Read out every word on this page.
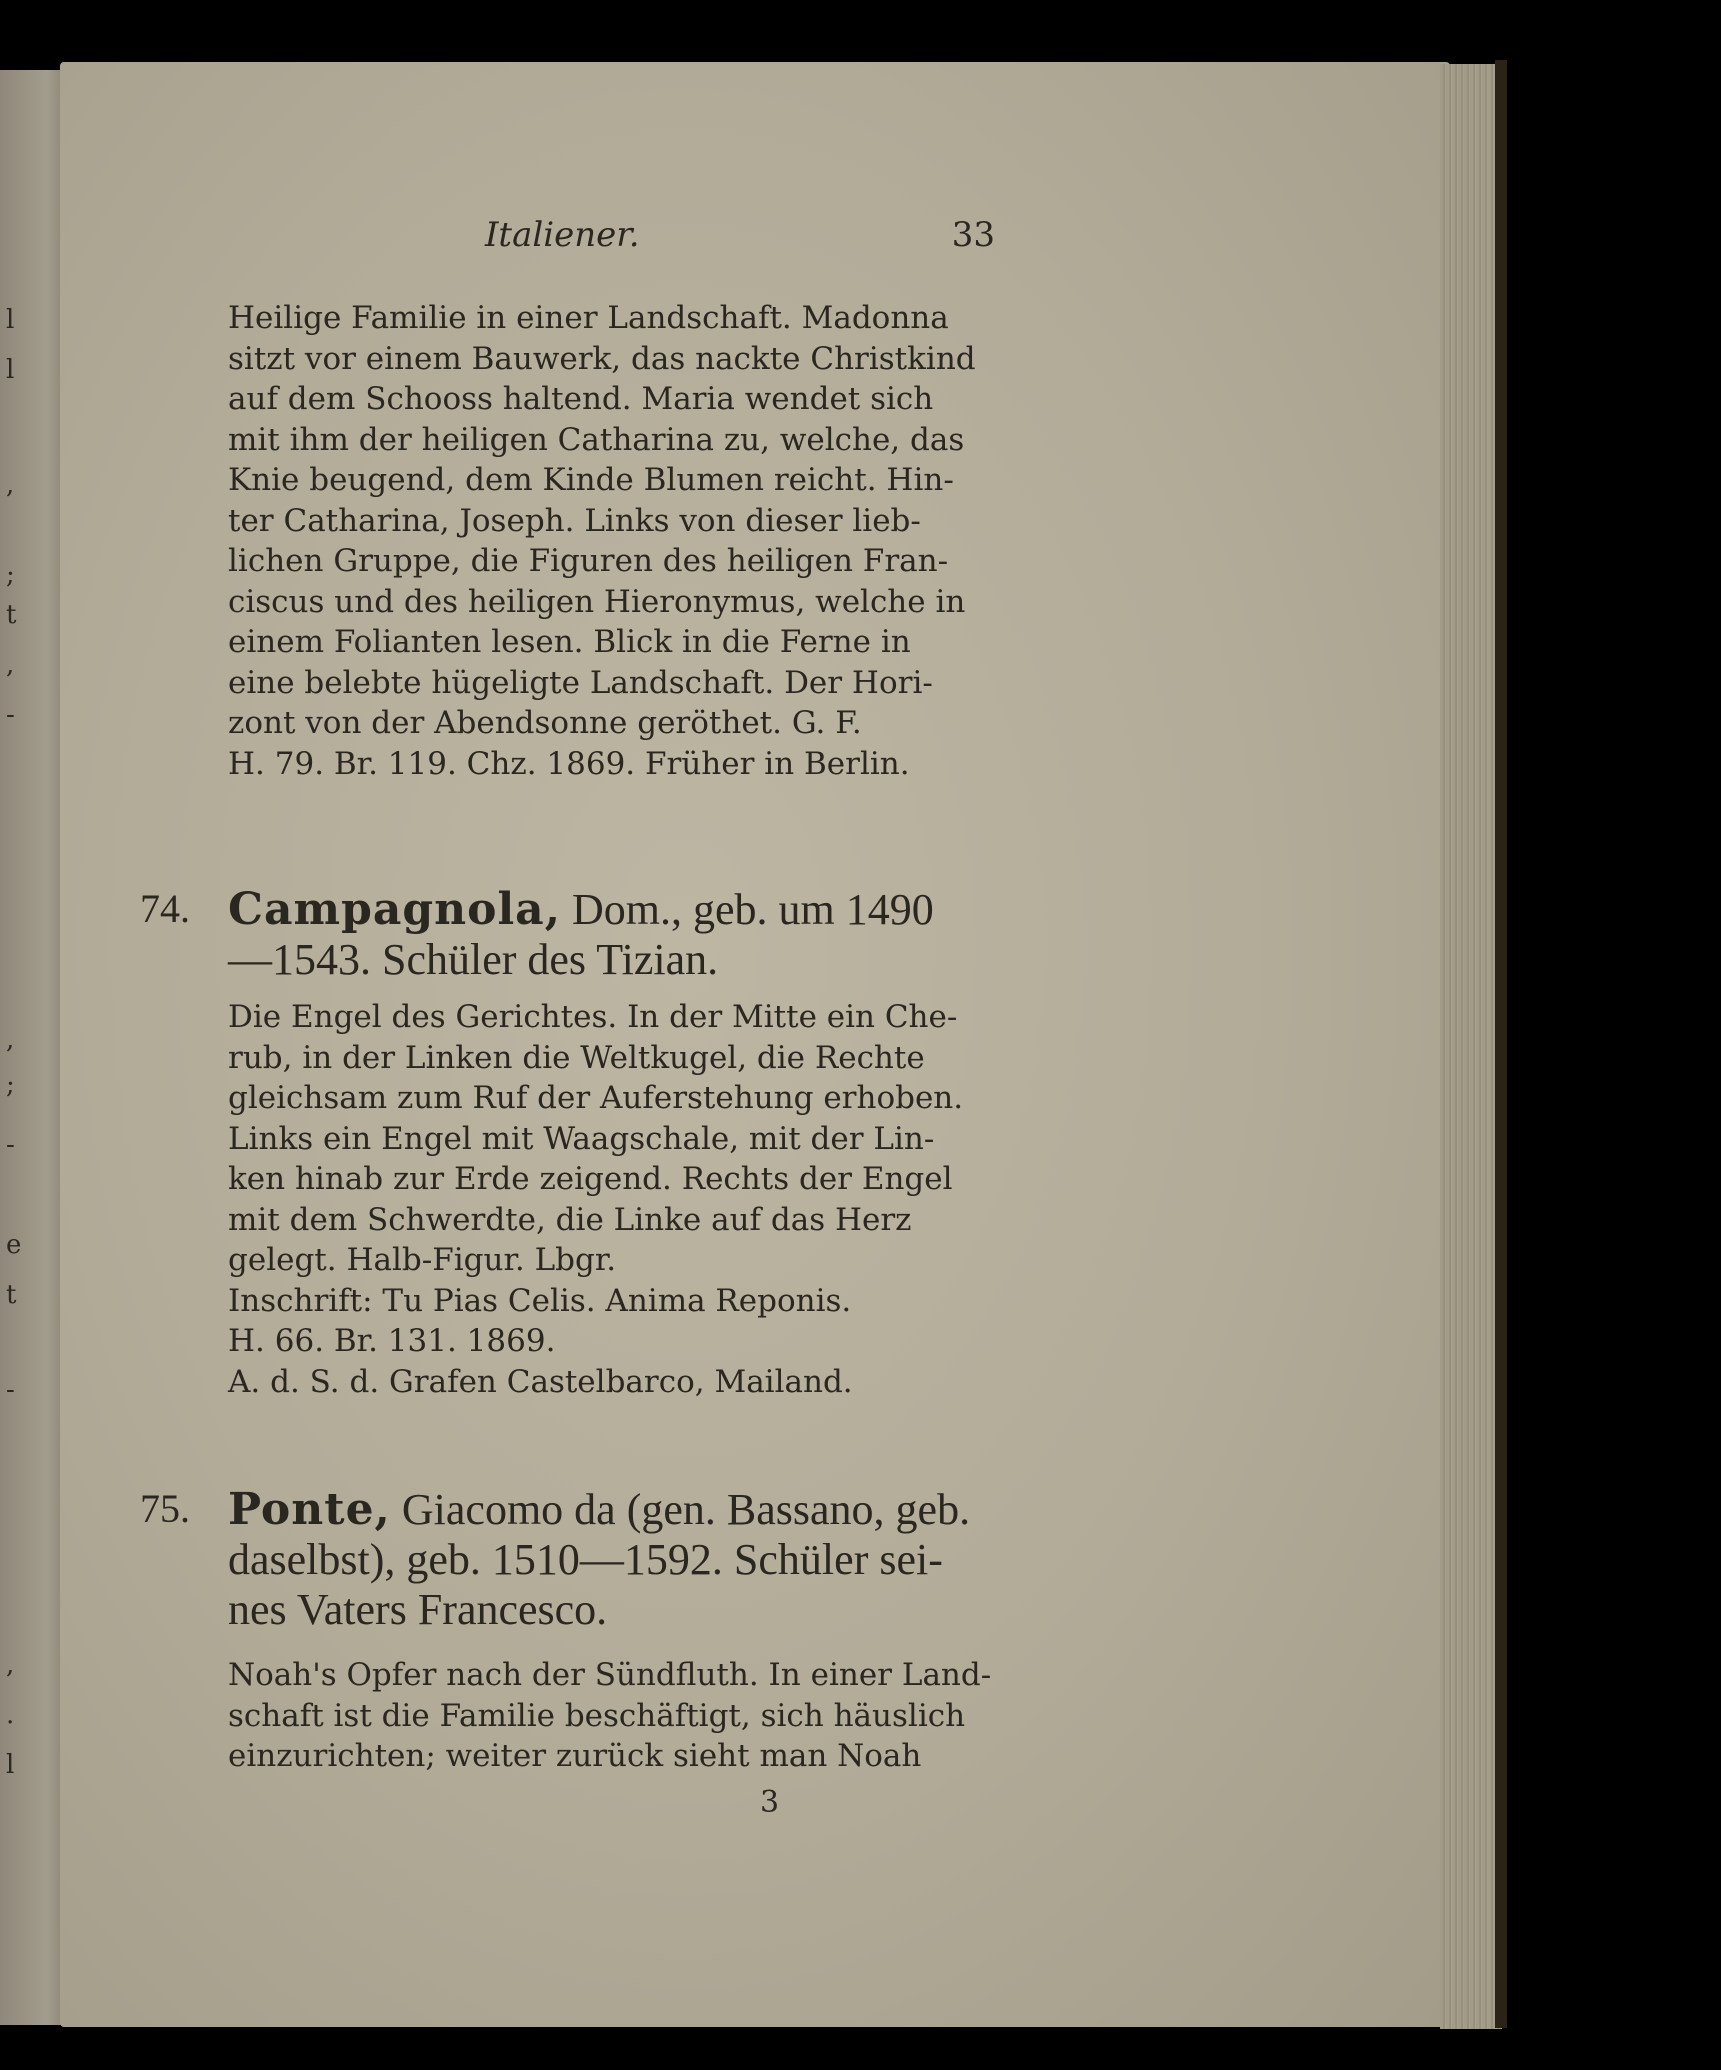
l
l
,
;
t
,
-
,
;
-
e
t
-
,
.
l
Italiener.	33
Heilige Familie in einer Landschaft. Madonna
sitzt vor einem Bauwerk, das nackte Christkind
auf dem Schooss haltend. Maria wendet sich
mit ihm der heiligen Catharina zu, welche, das
Knie beugend, dem Kinde Blumen reicht. Hin-
ter Catharina, Joseph. Links von dieser lieb-
lichen Gruppe, die Figuren des heiligen Fran-
ciscus und des heiligen Hieronymus, welche in
einem Folianten lesen. Blick in die Ferne in
eine belebte hügeligte Landschaft. Der Hori-
zont von der Abendsonne geröthet. G. F.
H. 79. Br. 119. Chz. 1869. Früher in Berlin.
74. Campagnola, Dom., geb. um 1490
—1543. Schüler des Tizian.
Die Engel des Gerichtes. In der Mitte ein Che-
rub, in der Linken die Weltkugel, die Rechte
gleichsam zum Ruf der Auferstehung erhoben.
Links ein Engel mit Waagschale, mit der Lin-
ken hinab zur Erde zeigend. Rechts der Engel
mit dem Schwerdte, die Linke auf das Herz
gelegt. Halb-Figur. Lbgr.
Inschrift: Tu Pias Celis. Anima Reponis.
H. 66. Br. 131. 1869.
A. d. S. d. Grafen Castelbarco, Mailand.
75. Ponte, Giacomo da (gen. Bassano, geb.
daselbst), geb. 1510—1592. Schüler sei-
nes Vaters Francesco.
Noah's Opfer nach der Sündfluth. In einer Land-
schaft ist die Familie beschäftigt, sich häuslich
einzurichten; weiter zurück sieht man Noah
3
